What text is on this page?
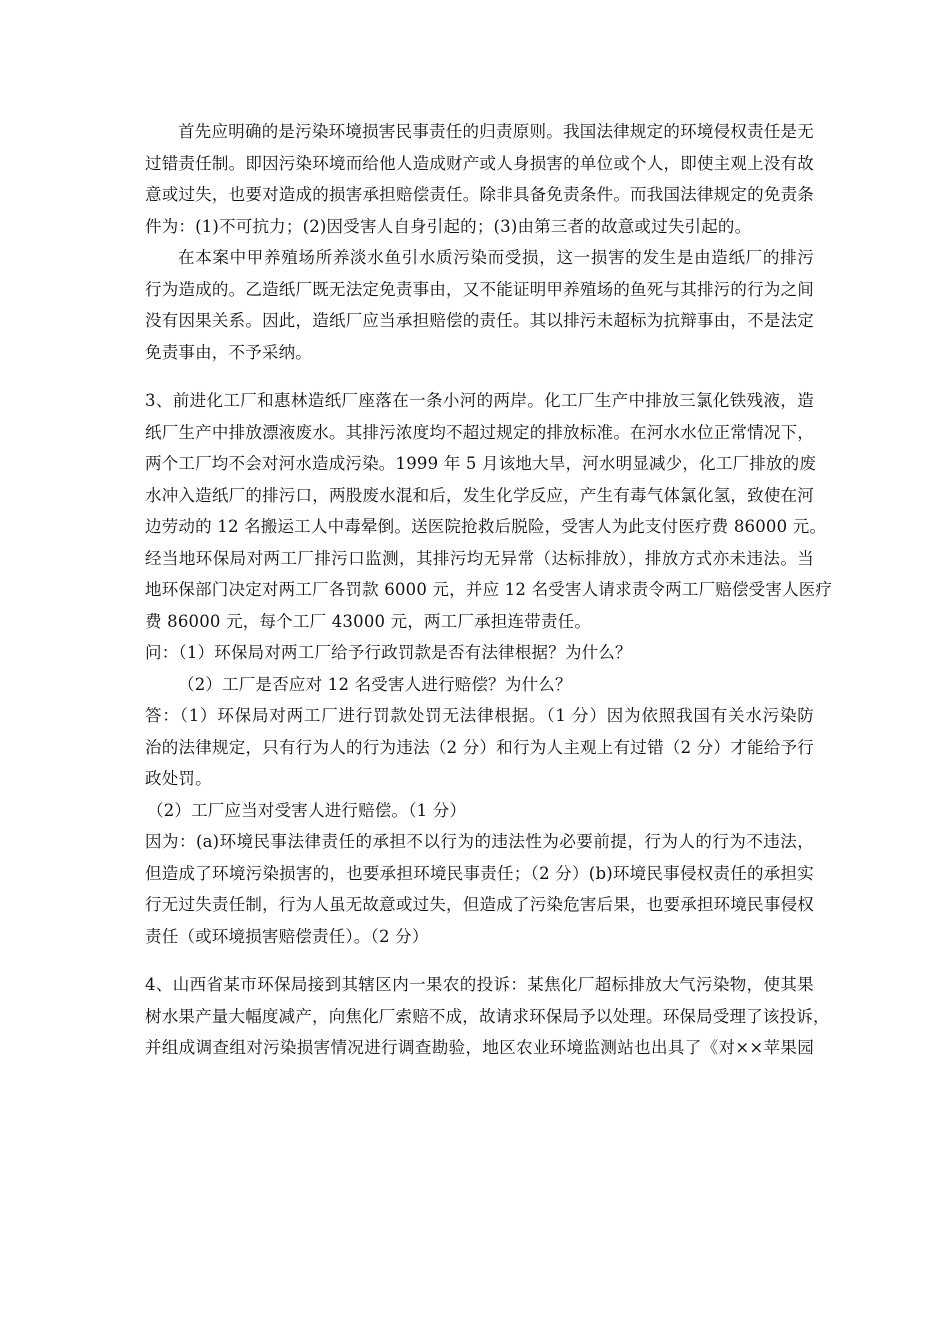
首先应明确的是污染环境损害民事责任的归责原则。我国法律规定的环境侵权责任是无
过错责任制。即因污染环境而给他人造成财产或人身损害的单位或个人，即使主观上没有故
意或过失，也要对造成的损害承担赔偿责任。除非具备免责条件。而我国法律规定的免责条
件为：(1)不可抗力；(2)因受害人自身引起的；(3)由第三者的故意或过失引起的。
在本案中甲养殖场所养淡水鱼引水质污染而受损，这一损害的发生是由造纸厂的排污
行为造成的。乙造纸厂既无法定免责事由，又不能证明甲养殖场的鱼死与其排污的行为之间
没有因果关系。因此，造纸厂应当承担赔偿的责任。其以排污未超标为抗辩事由，不是法定
免责事由，不予采纳。
3、前进化工厂和惠林造纸厂座落在一条小河的两岸。化工厂生产中排放三氯化铁残液，造
纸厂生产中排放漂液废水。其排污浓度均不超过规定的排放标准。在河水水位正常情况下，
两个工厂均不会对河水造成污染。1999 年 5 月该地大旱，河水明显减少，化工厂排放的废
水冲入造纸厂的排污口，两股废水混和后，发生化学反应，产生有毒气体氯化氢，致使在河
边劳动的 12 名搬运工人中毒晕倒。送医院抢救后脱险，受害人为此支付医疗费 86000 元。
经当地环保局对两工厂排污口监测，其排污均无异常（达标排放），排放方式亦未违法。当
地环保部门决定对两工厂各罚款 6000 元，并应 12 名受害人请求责令两工厂赔偿受害人医疗
费 86000 元，每个工厂 43000 元，两工厂承担连带责任。
问：（1）环保局对两工厂给予行政罚款是否有法律根据？为什么？
（2）工厂是否应对 12 名受害人进行赔偿？为什么？
答：（1）环保局对两工厂进行罚款处罚无法律根据。（1 分）因为依照我国有关水污染防
治的法律规定，只有行为人的行为违法（2 分）和行为人主观上有过错（2 分）才能给予行
政处罚。
（2）工厂应当对受害人进行赔偿。（1 分）
因为：(a)环境民事法律责任的承担不以行为的违法性为必要前提，行为人的行为不违法，
但造成了环境污染损害的，也要承担环境民事责任；（2 分）(b)环境民事侵权责任的承担实
行无过失责任制，行为人虽无故意或过失，但造成了污染危害后果，也要承担环境民事侵权
责任（或环境损害赔偿责任）。（2 分）
4、山西省某市环保局接到其辖区内一果农的投诉：某焦化厂超标排放大气污染物，使其果
树水果产量大幅度减产，向焦化厂索赔不成，故请求环保局予以处理。环保局受理了该投诉，
并组成调查组对污染损害情况进行调查勘验，地区农业环境监测站也出具了《对××苹果园
